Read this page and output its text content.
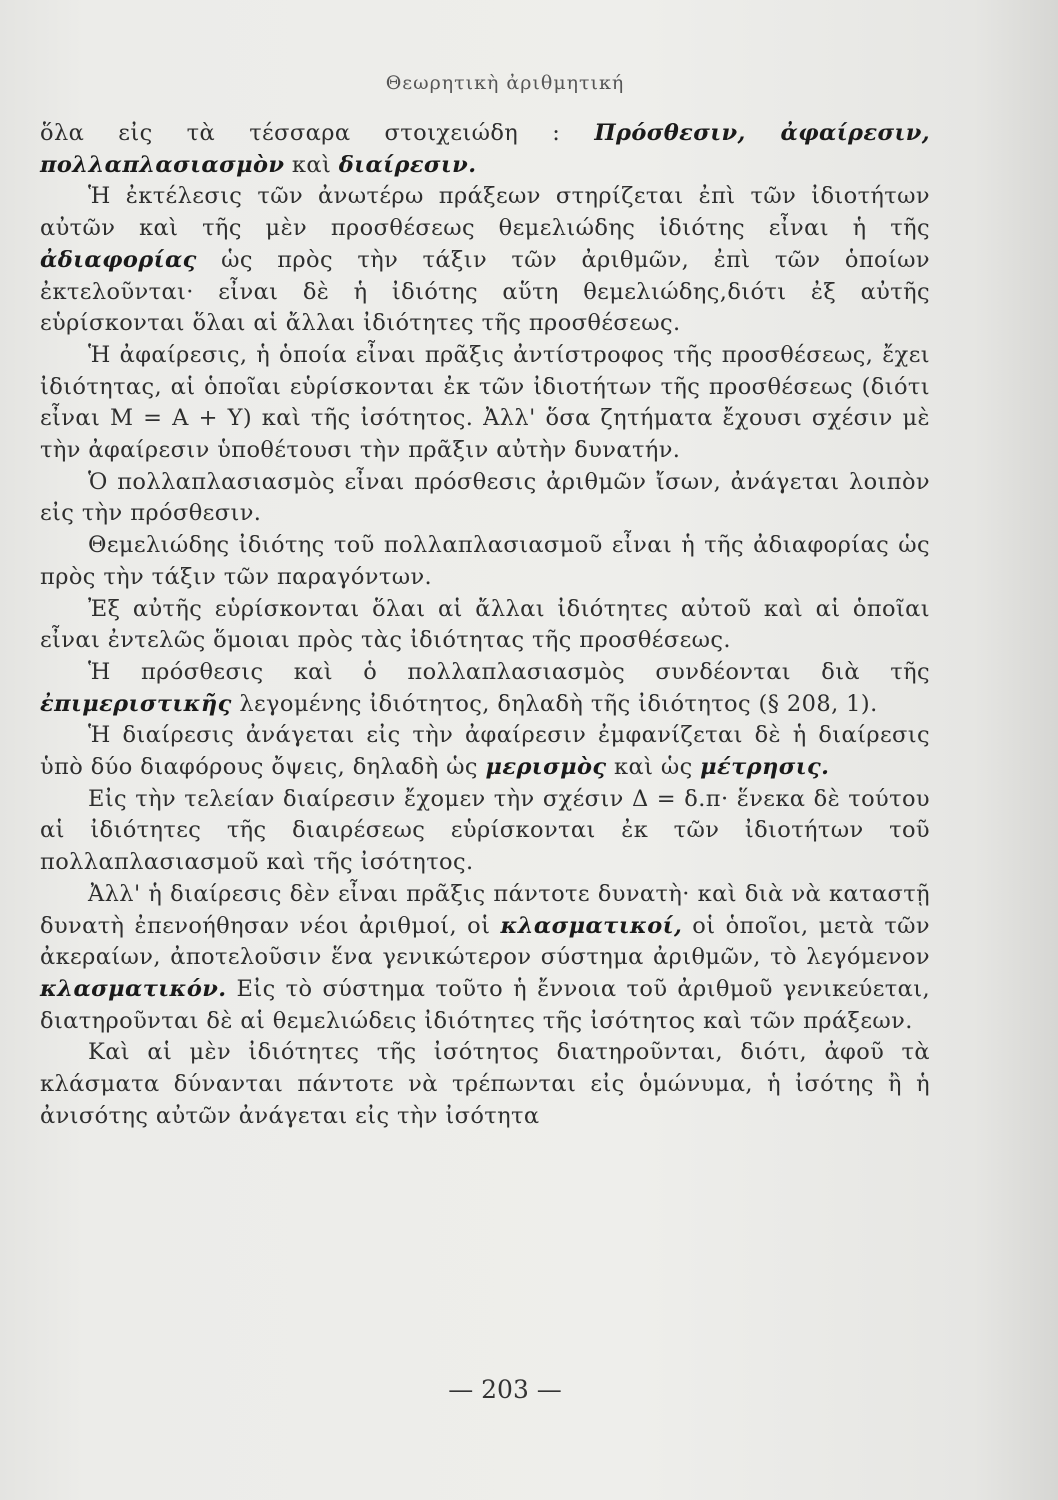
Θεωρητικὴ ἀριθμητική

ὅλα εἰς τὰ τέσσαρα στοιχειώδη : Πρόσθεσιν, ἀφαίρεσιν, πολλαπλασιασμὸν καὶ διαίρεσιν.

Ἡ ἐκτέλεσις τῶν ἀνωτέρω πράξεων στηρίζεται ἐπὶ τῶν ἰδιοτήτων αὐτῶν καὶ τῆς μὲν προσθέσεως θεμελιώδης ἰδιότης εἶναι ἡ τῆς ἀδιαφορίας ὡς πρὸς τὴν τάξιν τῶν ἀριθμῶν, ἐπὶ τῶν ὁποίων ἐκτελοῦνται· εἶναι δὲ ἡ ἰδιότης αὕτη θεμελιώδης,διότι ἐξ αὐτῆς εὑρίσκονται ὅλαι αἱ ἄλλαι ἰδιότητες τῆς προσθέσεως.

Ἡ ἀφαίρεσις, ἡ ὁποία εἶναι πρᾶξις ἀντίστροφος τῆς προσθέσεως, ἔχει ἰδιότητας, αἱ ὁποῖαι εὑρίσκονται ἐκ τῶν ἰδιοτήτων τῆς προσθέσεως (διότι εἶναι Μ = Α + Υ) καὶ τῆς ἰσότητος. Ἀλλ' ὅσα ζητήματα ἔχουσι σχέσιν μὲ τὴν ἀφαίρεσιν ὑποθέτουσι τὴν πρᾶξιν αὐτὴν δυνατήν.

Ὁ πολλαπλασιασμὸς εἶναι πρόσθεσις ἀριθμῶν ἴσων, ἀνάγεται λοιπὸν εἰς τὴν πρόσθεσιν.

Θεμελιώδης ἰδιότης τοῦ πολλαπλασιασμοῦ εἶναι ἡ τῆς ἀδιαφορίας ὡς πρὸς τὴν τάξιν τῶν παραγόντων.

Ἐξ αὐτῆς εὑρίσκονται ὅλαι αἱ ἄλλαι ἰδιότητες αὐτοῦ καὶ αἱ ὁποῖαι εἶναι ἐντελῶς ὅμοιαι πρὸς τὰς ἰδιότητας τῆς προσθέσεως.

Ἡ πρόσθεσις καὶ ὁ πολλαπλασιασμὸς συνδέονται διὰ τῆς ἐπιμεριστικῆς λεγομένης ἰδιότητος, δηλαδὴ τῆς ἰδιότητος (§ 208, 1).

Ἡ διαίρεσις ἀνάγεται εἰς τὴν ἀφαίρεσιν ἐμφανίζεται δὲ ἡ διαίρεσις ὑπὸ δύο διαφόρους ὄψεις, δηλαδὴ ὡς μερισμὸς καὶ ὡς μέτρησις.

Εἰς τὴν τελείαν διαίρεσιν ἔχομεν τὴν σχέσιν Δ = δ.π· ἕνεκα δὲ τούτου αἱ ἰδιότητες τῆς διαιρέσεως εὑρίσκονται ἐκ τῶν ἰδιοτήτων τοῦ πολλαπλασιασμοῦ καὶ τῆς ἰσότητος.

Ἀλλ' ἡ διαίρεσις δὲν εἶναι πρᾶξις πάντοτε δυνατὴ· καὶ διὰ νὰ καταστῇ δυνατὴ ἐπενοήθησαν νέοι ἀριθμοί, οἱ κλασματικοί, οἱ ὁποῖοι, μετὰ τῶν ἀκεραίων, ἀποτελοῦσιν ἕνα γενικώτερον σύστημα ἀριθμῶν, τὸ λεγόμενον κλασματικόν. Εἰς τὸ σύστημα τοῦτο ἡ ἔννοια τοῦ ἀριθμοῦ γενικεύεται, διατηροῦνται δὲ αἱ θεμελιώδεις ἰδιότητες τῆς ἰσότητος καὶ τῶν πράξεων.

Καὶ αἱ μὲν ἰδιότητες τῆς ἰσότητος διατηροῦνται, διότι, ἀφοῦ τὰ κλάσματα δύνανται πάντοτε νὰ τρέπωνται εἰς ὁμώνυμα, ἡ ἰσότης ἢ ἡ ἀνισότης αὐτῶν ἀνάγεται εἰς τὴν ἰσότητα

— 203 —
